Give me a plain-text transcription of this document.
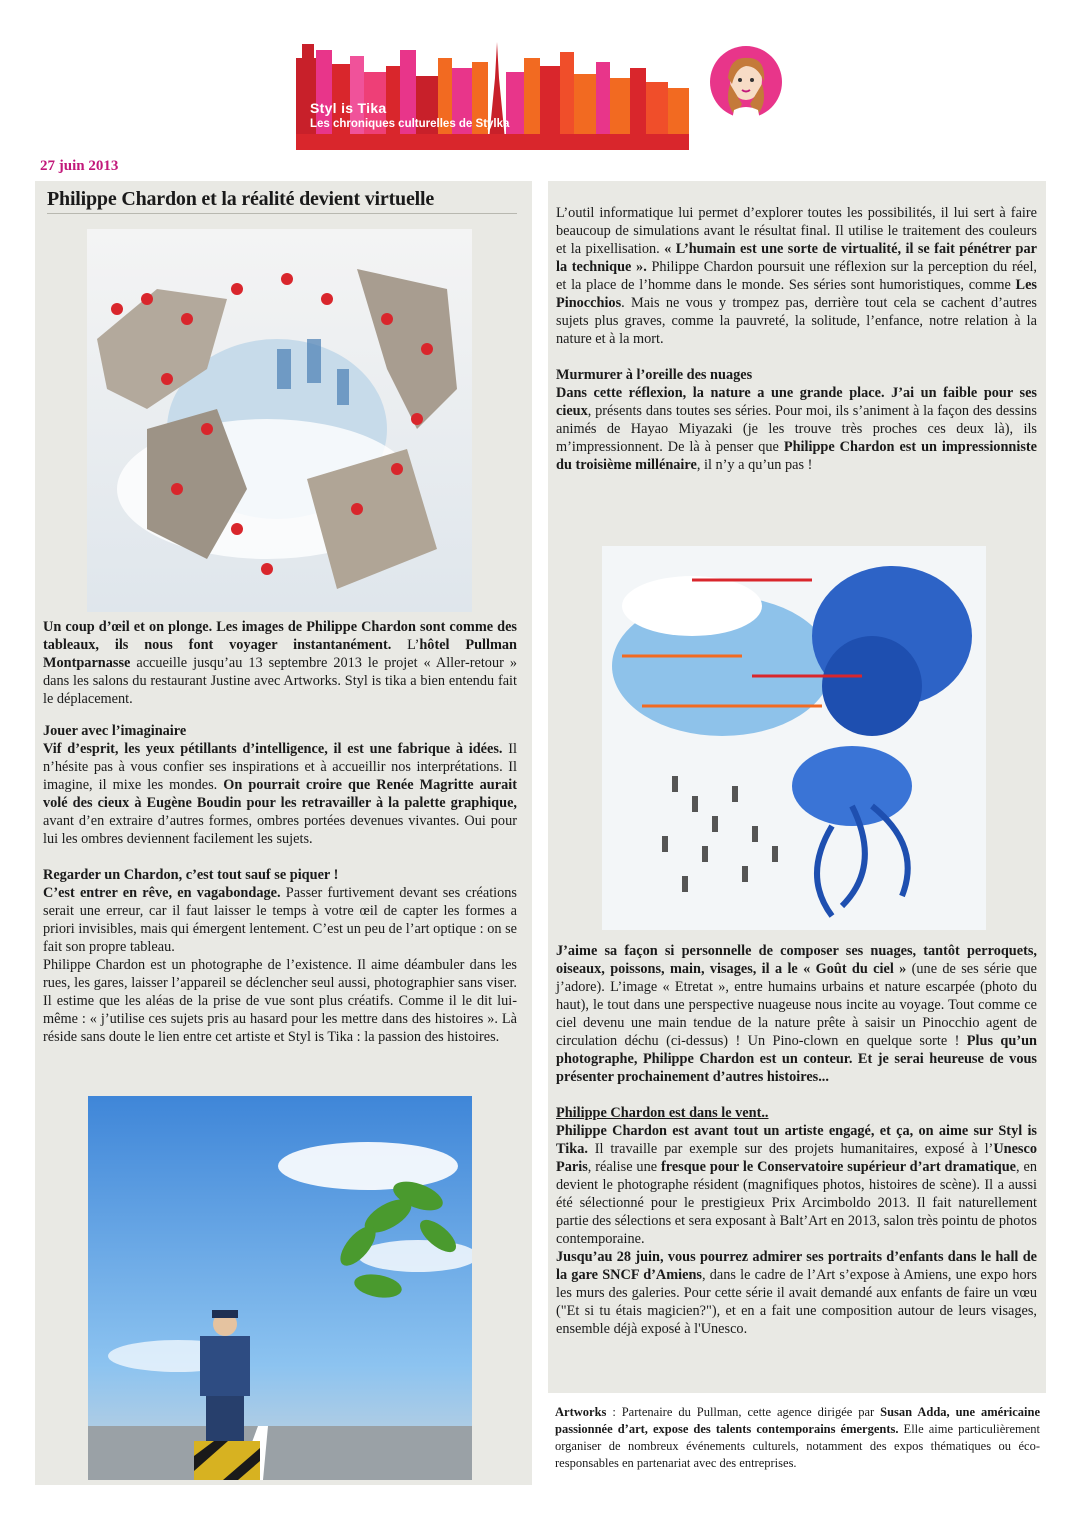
Styl is Tika
Les chroniques culturelles de Stylka
27 juin 2013
Philippe Chardon et la réalité devient virtuelle

Un coup d’œil et on plonge. Les images de Philippe Chardon sont comme des tableaux, ils nous font voyager instantanément. L’hôtel Pullman Montparnasse accueille jusqu’au 13 septembre 2013 le projet « Aller-retour » dans les salons du restaurant Justine avec Artworks. Styl is tika a bien entendu fait le déplacement.

Jouer avec l’imaginaire

Vif d’esprit, les yeux pétillants d’intelligence, il est une fabrique à idées. Il n’hésite pas à vous confier ses inspirations et à accueillir nos interprétations. Il imagine, il mixe les mondes. On pourrait croire que Renée Magritte aurait volé des cieux à Eugène Boudin pour les retravailler à la palette graphique, avant d’en extraire d’autres formes, ombres portées devenues vivantes. Oui pour lui les ombres deviennent facilement les sujets.

Regarder un Chardon, c’est tout sauf se piquer !

C’est entrer en rêve, en vagabondage. Passer furtivement devant ses créations serait une erreur, car il faut laisser le temps à votre œil de capter les formes a priori invisibles, mais qui émergent lentement. C’est un peu de l’art optique : on se fait son propre tableau.

Philippe Chardon est un photographe de l’existence. Il aime déambuler dans les rues, les gares, laisser l’appareil se déclencher seul aussi, photographier sans viser. Il estime que les aléas de la prise de vue sont plus créatifs. Comme il le dit lui-même : « j’utilise ces sujets pris au hasard pour les mettre dans des histoires ». Là réside sans doute le lien entre cet artiste et Styl is Tika : la passion des histoires.

L’outil informatique lui permet d’explorer toutes les possibilités, il lui sert à faire beaucoup de simulations avant le résultat final. Il utilise le traitement des couleurs et la pixellisation. « L’humain est une sorte de virtualité, il se fait pénétrer par la technique ». Philippe Chardon poursuit une réflexion sur la perception du réel, et la place de l’homme dans le monde. Ses séries sont humoristiques, comme Les Pinocchios. Mais ne vous y trompez pas, derrière tout cela se cachent d’autres sujets plus graves, comme la pauvreté, la solitude, l’enfance, notre relation à la nature et à la mort.

Murmurer à l’oreille des nuages

Dans cette réflexion, la nature a une grande place. J’ai un faible pour ses cieux, présents dans toutes ses séries. Pour moi, ils s’animent à la façon des dessins animés de Hayao Miyazaki (je les trouve très proches ces deux là), ils m’impressionnent. De là à penser que Philippe Chardon est un impressionniste du troisième millénaire, il n’y a qu’un pas !

J’aime sa façon si personnelle de composer ses nuages, tantôt perroquets, oiseaux, poissons, main, visages, il a le « Goût du ciel » (une de ses série que j’adore). L’image « Etretat », entre humains urbains et nature escarpée (photo du haut), le tout dans une perspective nuageuse nous incite au voyage. Tout comme ce ciel devenu une main tendue de la nature prête à saisir un Pinocchio agent de circulation déchu (ci-dessus) ! Un Pino-clown en quelque sorte ! Plus qu’un photographe, Philippe Chardon est un conteur. Et je serai heureuse de vous présenter prochainement d’autres histoires...

Philippe Chardon est dans le vent..

Philippe Chardon est avant tout un artiste engagé, et ça, on aime sur Styl is Tika. Il travaille par exemple sur des projets humanitaires, exposé à l’Unesco Paris, réalise une fresque pour le Conservatoire supérieur d’art dramatique, en devient le photographe résident (magnifiques photos, histoires de scène). Il a aussi été sélectionné pour le prestigieux Prix Arcimboldo 2013. Il fait naturellement partie des sélections et sera exposant à Balt’Art en 2013, salon très pointu de photos contemporaine.

Jusqu’au 28 juin, vous pourrez admirer ses portraits d’enfants dans le hall de la gare SNCF d’Amiens, dans le cadre de l’Art s’expose à Amiens, une expo hors les murs des galeries. Pour cette série il avait demandé aux enfants de faire un vœu ("Et si tu étais magicien?"), et en a fait une composition autour de leurs visages, ensemble déjà exposé à l'Unesco.

Artworks : Partenaire du Pullman, cette agence dirigée par Susan Adda, une américaine passionnée d’art, expose des talents contemporains émergents. Elle aime particulièrement organiser de nombreux événements culturels, notamment des expos thématiques ou éco-responsables en partenariat avec des entreprises.
